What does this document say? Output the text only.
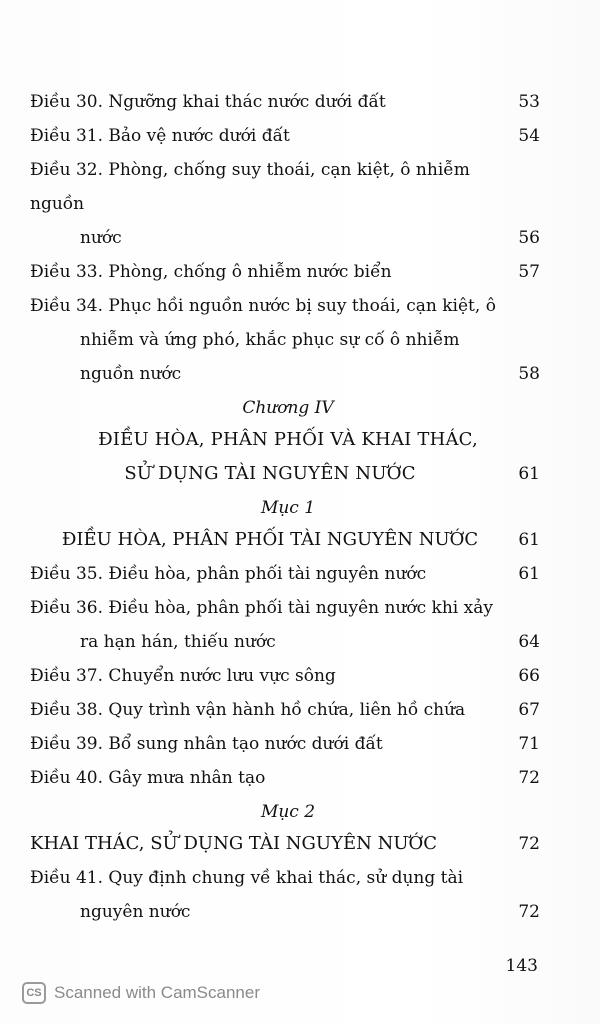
Điều 30. Ngưỡng khai thác nước dưới đất	53
Điều 31. Bảo vệ nước dưới đất	54
Điều 32. Phòng, chống suy thoái, cạn kiệt, ô nhiễm nguồn
nước	56
Điều 33. Phòng, chống ô nhiễm nước biển	57
Điều 34. Phục hồi nguồn nước bị suy thoái, cạn kiệt, ô
nhiễm và ứng phó, khắc phục sự cố ô nhiễm
nguồn nước	58
Chương IV
ĐIỀU HÒA, PHÂN PHỐI VÀ KHAI THÁC,
SỬ DỤNG TÀI NGUYÊN NƯỚC	61
Mục 1
ĐIỀU HÒA, PHÂN PHỐI TÀI NGUYÊN NƯỚC 61
Điều 35. Điều hòa, phân phối tài nguyên nước	61
Điều 36. Điều hòa, phân phối tài nguyên nước khi xảy
ra hạn hán, thiếu nước	64
Điều 37. Chuyển nước lưu vực sông	66
Điều 38. Quy trình vận hành hồ chứa, liên hồ chứa	67
Điều 39. Bổ sung nhân tạo nước dưới đất	71
Điều 40. Gây mưa nhân tạo	72
Mục 2
KHAI THÁC, SỬ DỤNG TÀI NGUYÊN NƯỚC	72
Điều 41. Quy định chung về khai thác, sử dụng tài
nguyên nước	72
143
CS Scanned with CamScanner
